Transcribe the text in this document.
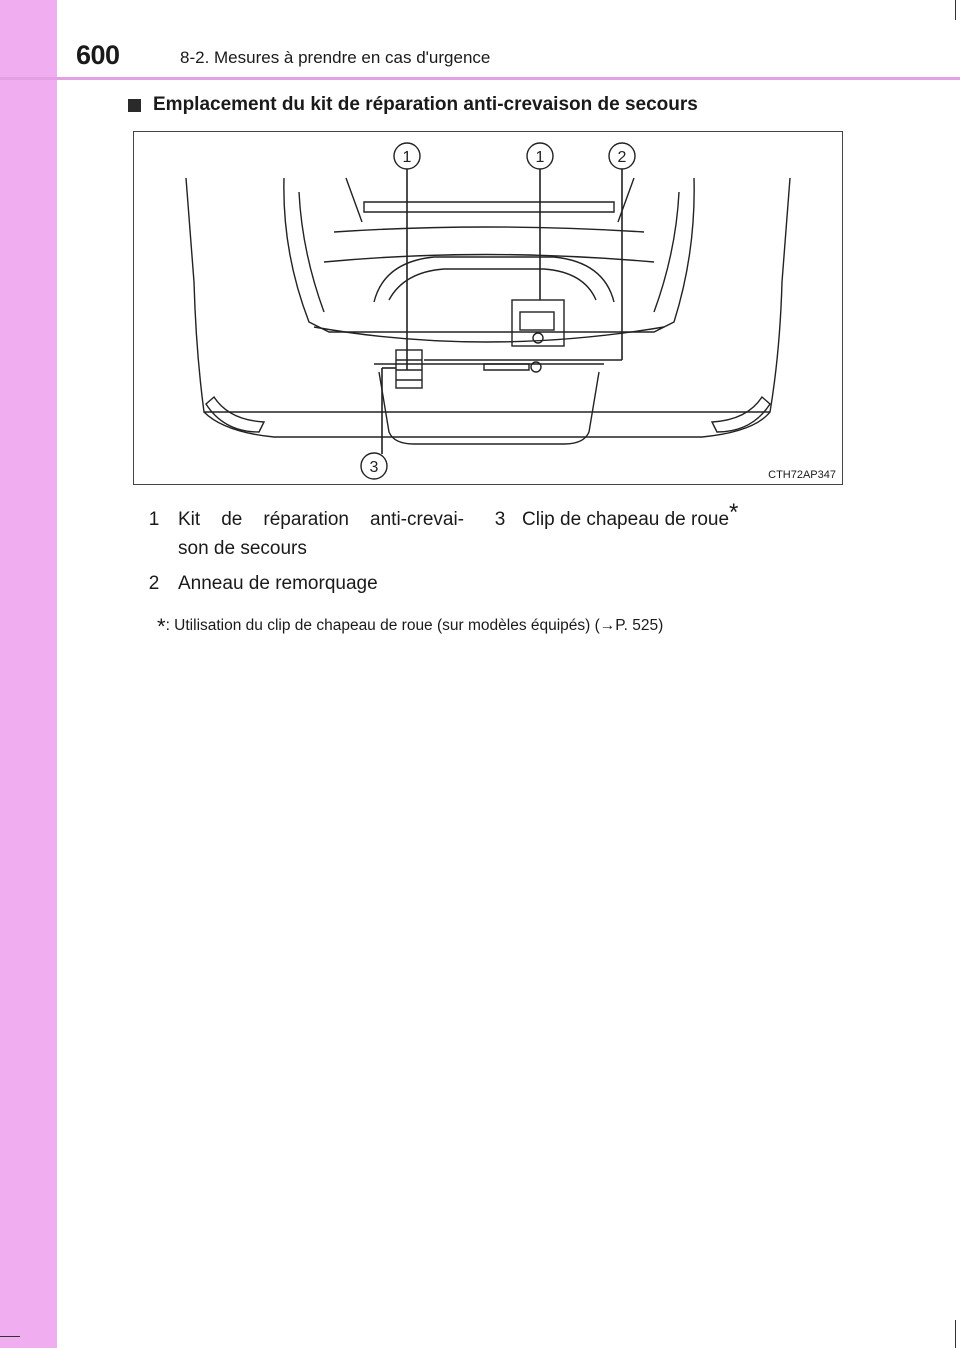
600	8-2. Mesures à prendre en cas d'urgence
Emplacement du kit de réparation anti-crevaison de secours
1	1	2
3	CTH72AP347
1 Kit de réparation anti-crevai-
son de secours
2 Anneau de remorquage
3 Clip de chapeau de roue*
*: Utilisation du clip de chapeau de roue (sur modèles équipés) (→P. 525)
